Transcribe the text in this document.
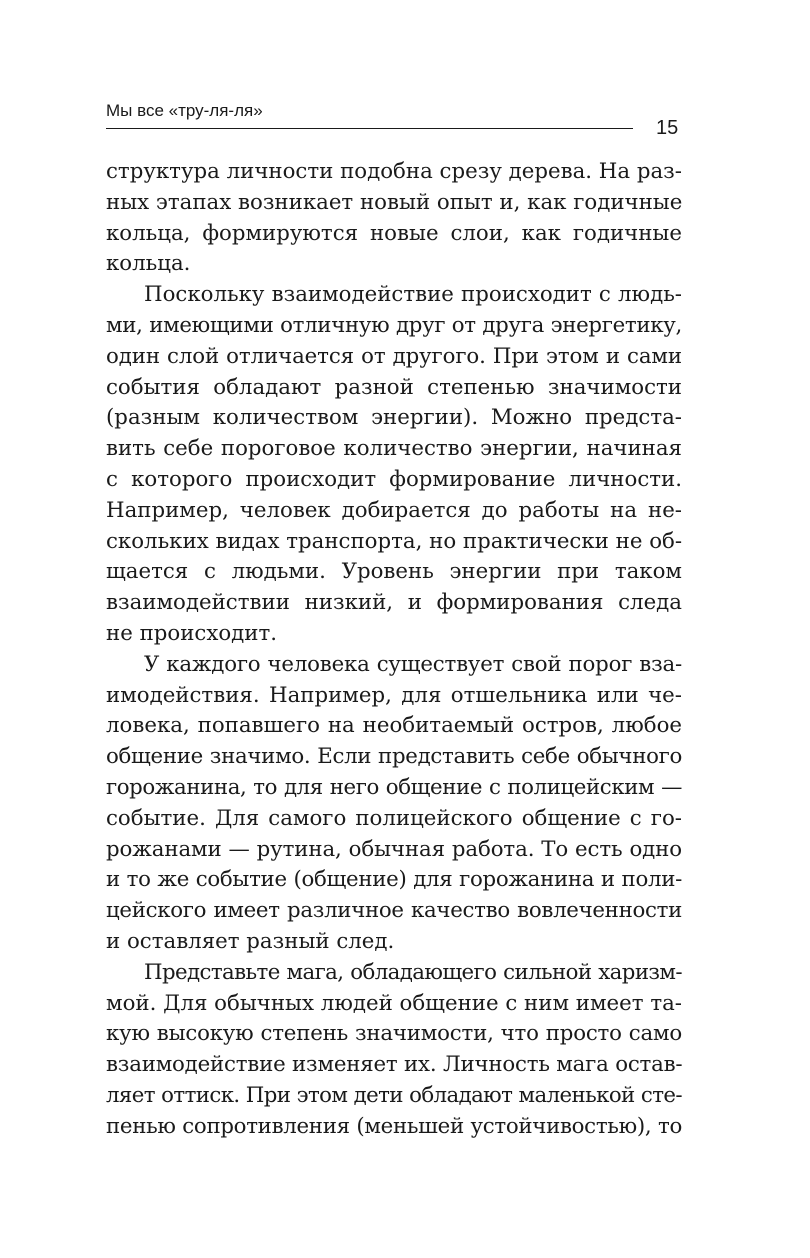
Мы все «тру-ля-ля»
15
структура личности подобна срезу дерева. На раз-
ных этапах возникает новый опыт и, как годичные
кольца, формируются новые слои, как годичные
кольца.
Поскольку взаимодействие происходит с людь-
ми, имеющими отличную друг от друга энергетику,
один слой отличается от другого. При этом и сами
события обладают разной степенью значимости
(разным количеством энергии). Можно предста-
вить себе пороговое количество энергии, начиная
с которого происходит формирование личности.
Например, человек добирается до работы на не-
скольких видах транспорта, но практически не об-
щается с людьми. Уровень энергии при таком
взаимодействии низкий, и формирования следа
не происходит.
У каждого человека существует свой порог вза-
имодействия. Например, для отшельника или че-
ловека, попавшего на необитаемый остров, любое
общение значимо. Если представить себе обычного
горожанина, то для него общение с полицейским —
событие. Для самого полицейского общение с го-
рожанами — рутина, обычная работа. То есть одно
и то же событие (общение) для горожанина и поли-
цейского имеет различное качество вовлеченности
и оставляет разный след.
Представьте мага, обладающего сильной харизм-
мой. Для обычных людей общение с ним имеет та-
кую высокую степень значимости, что просто само
взаимодействие изменяет их. Личность мага остав-
ляет оттиск. При этом дети обладают маленькой сте-
пенью сопротивления (меньшей устойчивостью), то
